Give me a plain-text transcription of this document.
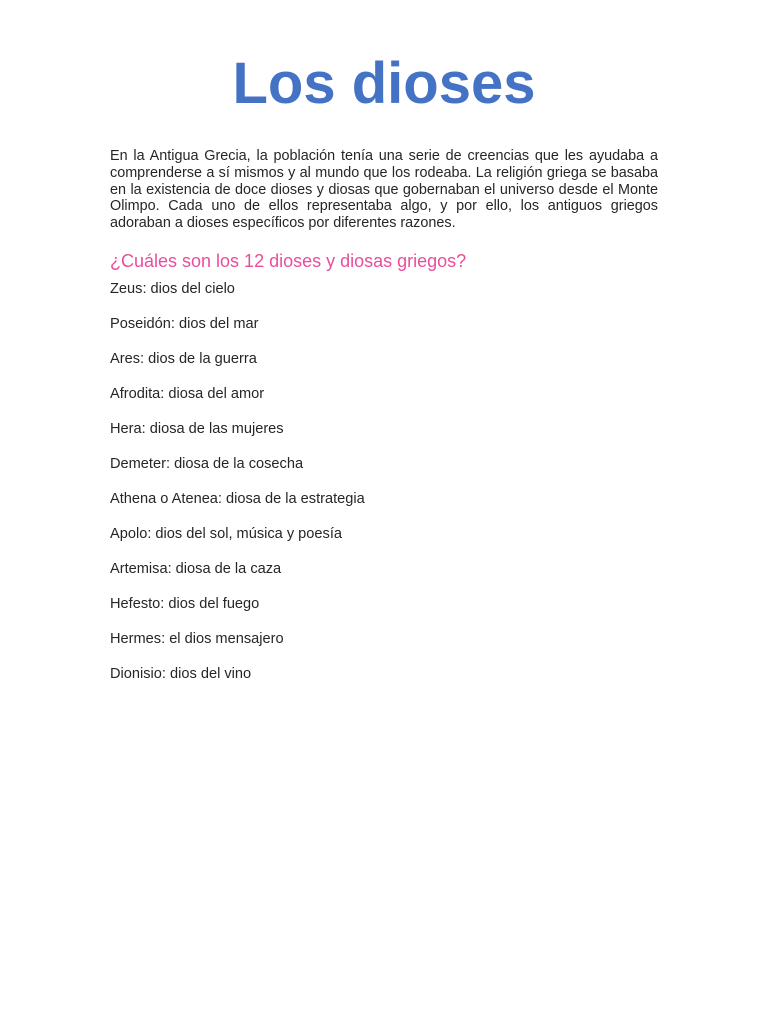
Los dioses

En la Antigua Grecia, la población tenía una serie de creencias que les ayudaba a comprenderse a sí mismos y al mundo que los rodeaba. La religión griega se basaba en la existencia de doce dioses y diosas que gobernaban el universo desde el Monte Olimpo. Cada uno de ellos representaba algo, y por ello, los antiguos griegos adoraban a dioses específicos por diferentes razones.

¿Cuáles son los 12 dioses y diosas griegos?
Zeus: dios del cielo
Poseidón: dios del mar
Ares: dios de la guerra
Afrodita: diosa del amor
Hera: diosa de las mujeres
Demeter: diosa de la cosecha
Athena o Atenea: diosa de la estrategia
Apolo: dios del sol, música y poesía
Artemisa: diosa de la caza
Hefesto: dios del fuego
Hermes: el dios mensajero
Dionisio: dios del vino
